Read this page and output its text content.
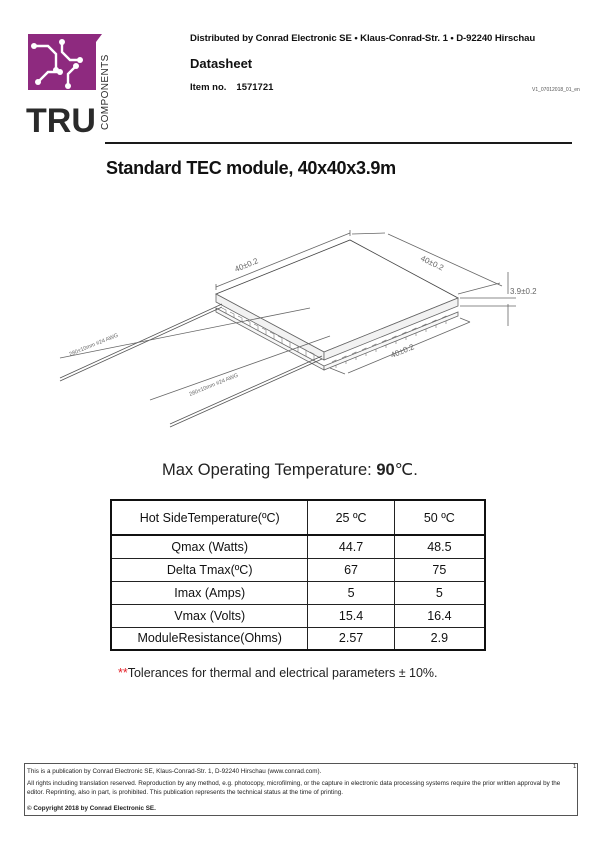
TRU COMPONENTS
Distributed by Conrad Electronic SE • Klaus-Conrad-Str. 1 • D-92240 Hirschau
Datasheet
Item no. 1571721	V1_07012018_01_en
Standard TEC module, 40x40x3.9m
40±0.2	40±0.2
3.9±0.2
40±0.2
280±10mm #24 AWG
280±10mm #24 AWG
Max Operating Temperature: 90℃.
Hot SideTemperature(ºC)	25 ºC	50 ºC
Qmax (Watts)	44.7	48.5
Delta Tmax(ºC)	67	75
Imax (Amps)	5	5
Vmax (Volts)	15.4	16.4
ModuleResistance(Ohms)	2.57	2.9
**Tolerances for thermal and electrical parameters ± 10%.
This is a publication by Conrad Electronic SE, Klaus-Conrad-Str. 1, D-92240 Hirschau (www.conrad.com).
All rights including translation reserved. Reproduction by any method, e.g. photocopy, microfilming, or the capture in electronic data processing systems require the prior written approval by the editor. Reprinting, also in part, is prohibited. This publication represents the technical status at the time of printing.
© Copyright 2018 by Conrad Electronic SE.
1
